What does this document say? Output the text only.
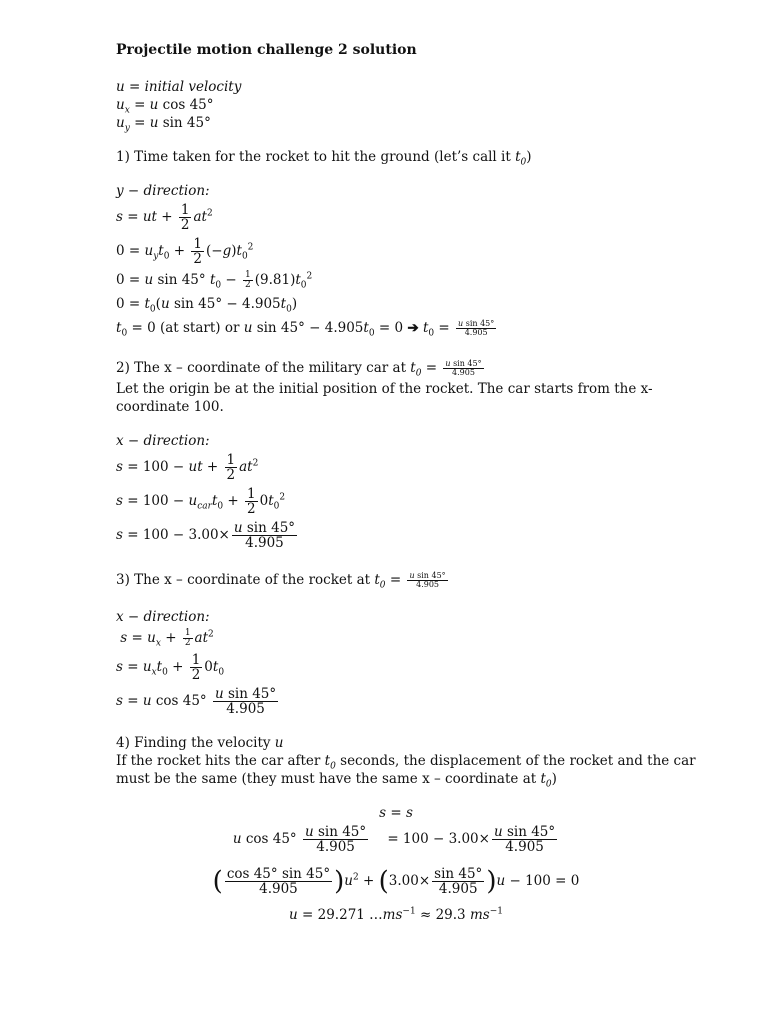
Projectile motion challenge 2 solution
u = initial velocity
$u_x = u$ cos 45°
$u_y = u$ sin 45°
1) Time taken for the rocket to hit the ground (let’s call it $t_0$)
y − direction:
s = ut + $\frac{1}{2} at^2$
$0 = u_yt_0 + \frac{1}{2} (-g)t_0^2$
0 = u sin 45° $t_0 - \frac{1}{2} (9.81)t_0^2$
$0 = t_0(u$ $\sin 45^\circ - 4.905t_0$)
$t_0 = 0$ (at start) or u $\sin 45^\circ - 4.905t_0 = 0$ ➔ $t_0 = \frac{\text{u sin 45°}}{4.905}$
2) The x – coordinate of the military car at $t_0 = \frac{\text{u sin 45°}}{4.905}$
Let the origin be at the initial position of the rocket. The car starts from the x-coordinate 100.
x − direction:
s = 100 − ut + $\frac{1}{2} at^2$
$s = 100 - u_{car}t_0 + \frac{1}{2} 0t_0^2$
$s = 100 - 3.00\times \frac{\text{u sin 45°}}{4.905}$
3) The x – coordinate of the rocket at $t_0 = \frac{\text{u sin 45°}}{4.905}$
x − direction:
$s = u_x + \frac{1}{2} at^2$
$s = u_xt_0 + \frac{1}{2} 0t_0$
s = u $\cos 45^\circ \frac{\text{u sin 45°}}{4.905}$
4) Finding the velocity u
If the rocket hits the car after $t_0$ seconds, the displacement of the rocket and the car must be the same (they must have the same x – coordinate at $t_0$)
s = s
u $\cos 45^\circ \frac{\text{u sin 45°}}{4.905} = 100 - 3.00\times \frac{\text{u sin 45°}}{4.905}$
( $\frac{\cos 45^\circ \sin 45^\circ}{4.905} )u^2 + (3.00\times \frac{\sin 45^\circ}{4.905} )u - 100 = 0$
u = 29.271 $\dots ms^{-1} \approx 29.3$ $ms^{-1}$
